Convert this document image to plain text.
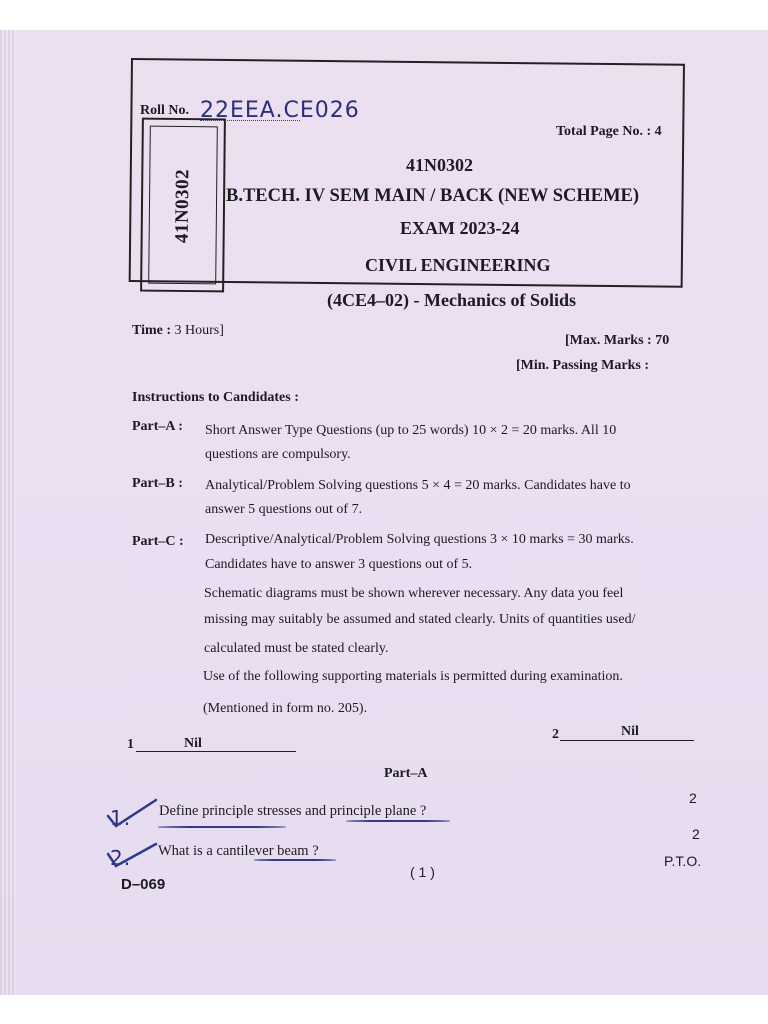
41N0302
Roll No. 22EEA.CE026
Total Page No. : 4
41N0302
B.TECH. IV SEM MAIN / BACK (NEW SCHEME)
EXAM 2023-24
CIVIL ENGINEERING
(4CE4–02) - Mechanics of Solids
Time : 3 Hours]
[Max. Marks : 70
[Min. Passing Marks :
Instructions to Candidates :
Part–A : Short Answer Type Questions (up to 25 words) 10 × 2 = 20 marks. All 10
questions are compulsory.
Part–B : Analytical/Problem Solving questions 5 × 4 = 20 marks. Candidates have to
answer 5 questions out of 7.
Part–C : Descriptive/Analytical/Problem Solving questions 3 × 10 marks = 30 marks.
Candidates have to answer 3 questions out of 5.
Schematic diagrams must be shown wherever necessary. Any data you feel
missing may suitably be assumed and stated clearly. Units of quantities used/
calculated must be stated clearly.
Use of the following supporting materials is permitted during examination.
(Mentioned in form no. 205).
1	Nil
2	Nil
Part–A
1. Define principle stresses and principle plane ?
2
2. What is a cantilever beam ?
2
D–069
( 1 )
P.T.O.
